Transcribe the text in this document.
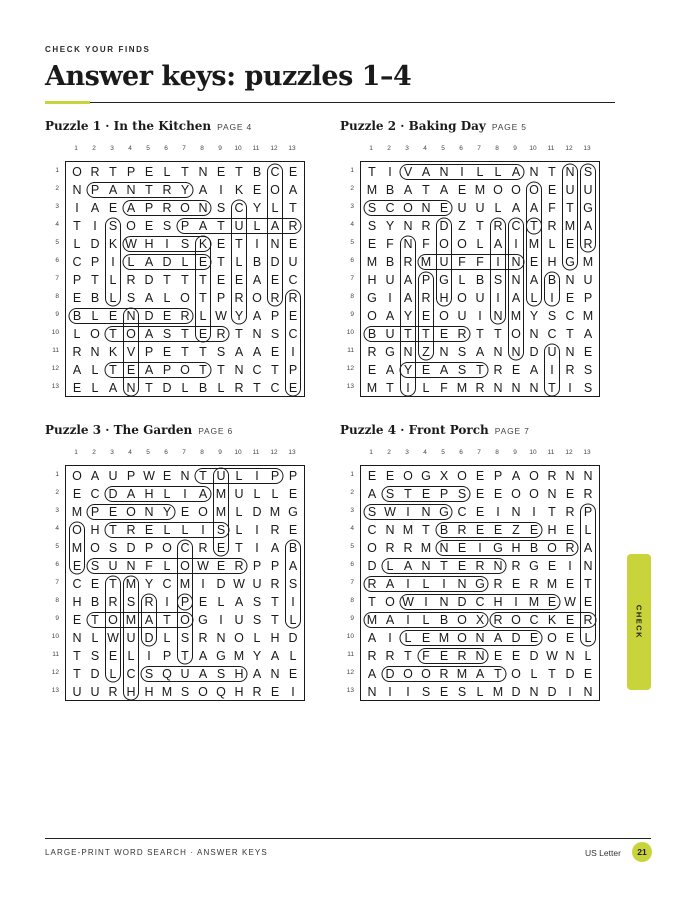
CHECK YOUR FINDS
Answer keys: puzzles 1–4
Puzzle 1 · In the Kitchen PAGE 4
1	2	3	4	5	6	7	8	9	10	11	12	13
1
2
3
4
5
6
7
8
9
10
11
12
13
O R T P E L T N E T B C E
N P A N T R Y A I K E O A
I A E A P R O N S C Y L T
T I S O E S P A T U L A R
L D K W H I S K E T I N E
C P I	L A D L E T L B D U
P T L R D T T T E E A E C
E B L S A L O T P R O R R
B L E N D E R L W Y A P E
L O T O A S T E R T N S C
R N K V P E T T S A A E I
A L T E A P O T T N C T P
E L A N T D L B L R T C E
Puzzle 2 · Baking Day PAGE 5
1	2	3	4	5	6	7	8	9	10	11	12	13
1
2
3
4
5
6
7
8
9
10
11
12
13
T I V A N I	L L A N T N S
M B A T A E M O O O E U U
S C O N E U U L A A F T G
S Y N R D Z T R C T R M A
E F N F O O L A I M L E R
M B R M U F F I N E H G M
H U A P G L B S N A B N U
G I A R H O U I A L	I E P
O A Y E O U I N M Y S C M
B U T T E R T T O N C T A
R G N Z N S A N N D U N E
E A Y E A S T R E A I R S
M T I	L F M R N N N T I S
Puzzle 3 · The Garden PAGE 6
1	2	3	4	5	6	7	8	9	10	11	12	13
1
2
3
4
5
6
7
8
9
10
11
12
13
O A U P W E N T U L	I P P
E C D A H L	I A M U L L E
M P E O N Y E O M L D M G
O H T R E L L	I S L	I R E
M O S D P O C R E T I A B
E S U N F L O W E R P P A
C E T M Y C M I D W U R S
H B R S R I P E L A S T I
E T O M A T O G I U S T L
N L W U D L S R N O L H D
T S E L	I P T A G M Y A L
T D L C S Q U A S H A N E
U U R H H M S O Q H R E I
Puzzle 4 · Front Porch PAGE 7
1	2	3	4	5	6	7	8	9	10	11	12	13
1
2
3
4
5
6
7
8
9
10
11
12
13
E E O G X O E P A O R N N
A S T E P S E E O O N E R
S W I N G C E I N I T R P
C N M T B R E E Z E H E L
O R R M N E I G H B O R A
D L A N T E R N R G E I N
R A I	L	I N G R E R M E T
T O W I N D C H I M E W E
M A I	L B O X R O C K E R
A I	L E M O N A D E O E L
R R T F E R N E E D W N L
A D O O R M A T O L T D E
N I	I S E S L M D N D I N
CHECK
LARGE-PRINT WORD SEARCH · ANSWER KEYS	US Letter	21
